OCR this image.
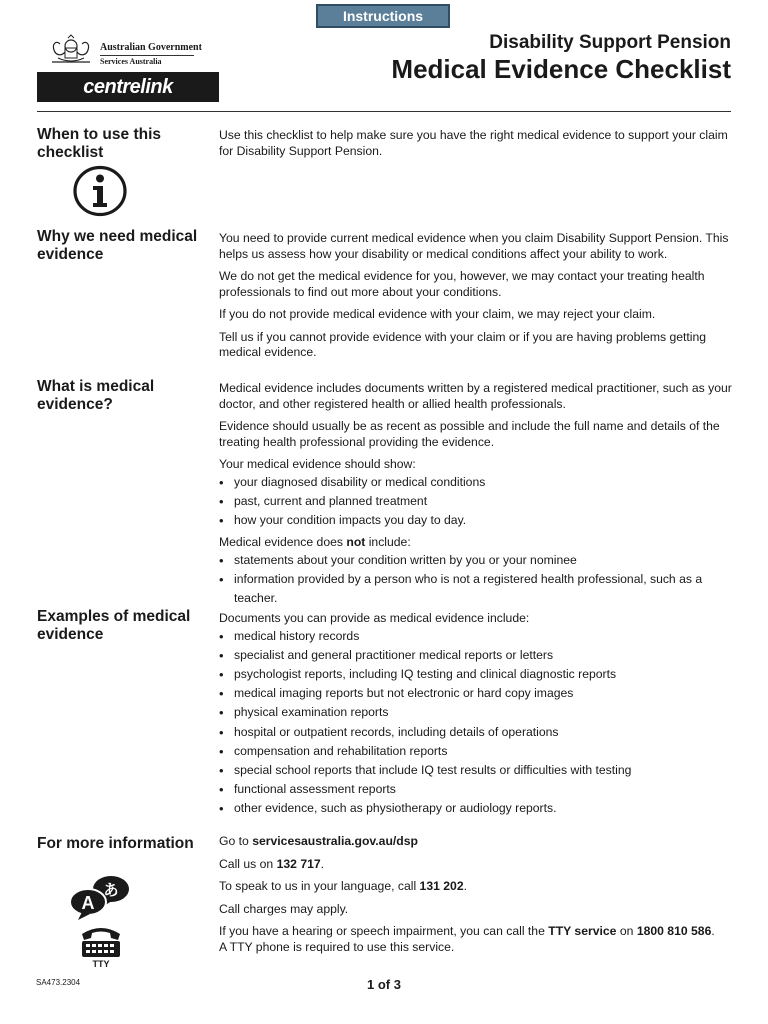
Instructions
Australian Government
Services Australia
centrelink
Disability Support Pension
Medical Evidence Checklist
When to use this checklist

Use this checklist to help make sure you have the right medical evidence to support your claim for Disability Support Pension.

Why we need medical evidence

You need to provide current medical evidence when you claim Disability Support Pension. This helps us assess how your disability or medical conditions affect your ability to work.

We do not get the medical evidence for you, however, we may contact your treating health professionals to find out more about your conditions.

If you do not provide medical evidence with your claim, we may reject your claim.

Tell us if you cannot provide evidence with your claim or if you are having problems getting medical evidence.

What is medical evidence?

Medical evidence includes documents written by a registered medical practitioner, such as your doctor, and other registered health or allied health professionals.

Evidence should usually be as recent as possible and include the full name and details of the treating health professional providing the evidence.

Your medical evidence should show:

• your diagnosed disability or medical conditions
• past, current and planned treatment
• how your condition impacts you day to day.

Medical evidence does not include:

• statements about your condition written by you or your nominee
• information provided by a person who is not a registered health professional, such as a teacher.
Examples of medical evidence

Documents you can provide as medical evidence include:

• medical history records
• specialist and general practitioner medical reports or letters
• psychologist reports, including IQ testing and clinical diagnostic reports
• medical imaging reports but not electronic or hard copy images
• physical examination reports
• hospital or outpatient records, including details of operations
• compensation and rehabilitation reports
• special school reports that include IQ test results or difficulties with testing
• functional assessment reports
• other evidence, such as physiotherapy or audiology reports.
For more information
A
あ
TTY

Go to servicesaustralia.gov.au/dsp

Call us on 132 717.

To speak to us in your language, call 131 202.

Call charges may apply.

If you have a hearing or speech impairment, you can call the TTY service on 1800 810 586.
A TTY phone is required to use this service.

SA473.2304	1 of 3
